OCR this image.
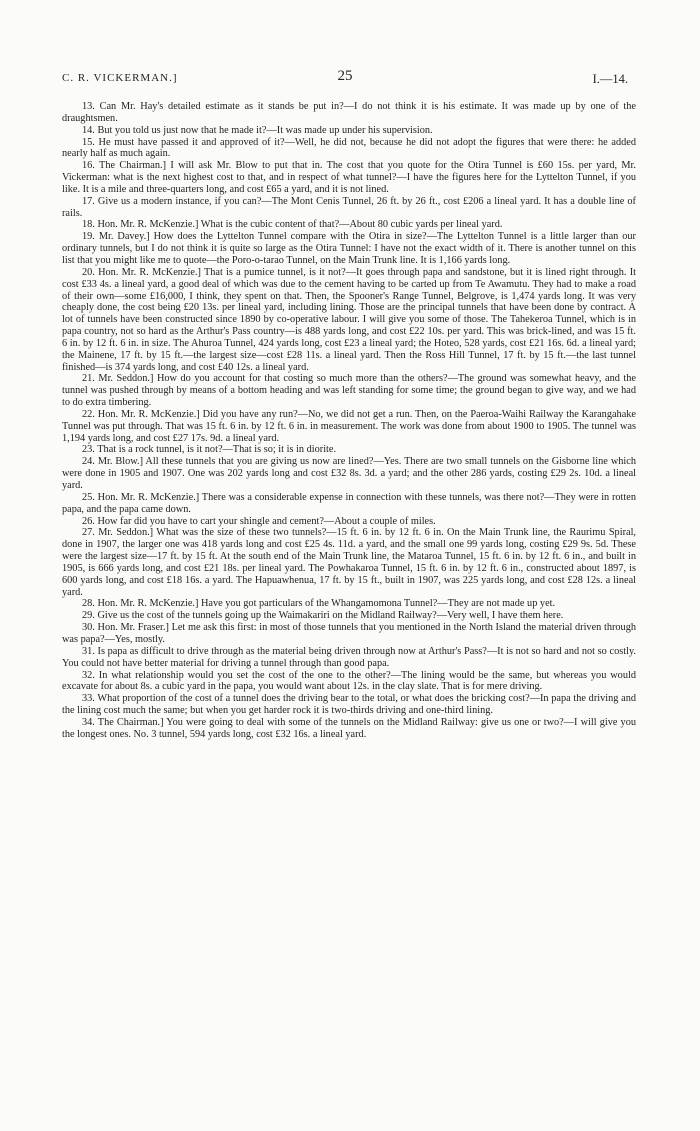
C. R. VICKERMAN.]	25	I.—14.

13. Can Mr. Hay's detailed estimate as it stands be put in?—I do not think it is his estimate. It was made up by one of the draughtsmen.

14. But you told us just now that he made it?—It was made up under his supervision.

15. He must have passed it and approved of it?—Well, he did not, because he did not adopt the figures that were there: he added nearly half as much again.

16. The Chairman.] I will ask Mr. Blow to put that in. The cost that you quote for the Otira Tunnel is £60 15s. per yard, Mr. Vickerman: what is the next highest cost to that, and in respect of what tunnel?—I have the figures here for the Lyttelton Tunnel, if you like. It is a mile and three-quarters long, and cost £65 a yard, and it is not lined.

17. Give us a modern instance, if you can?—The Mont Cenis Tunnel, 26 ft. by 26 ft., cost £206 a lineal yard. It has a double line of rails.

18. Hon. Mr. R. McKenzie.] What is the cubic content of that?—About 80 cubic yards per lineal yard.

19. Mr. Davey.] How does the Lyttelton Tunnel compare with the Otira in size?—The Lyttelton Tunnel is a little larger than our ordinary tunnels, but I do not think it is quite so large as the Otira Tunnel: I have not the exact width of it. There is another tunnel on this list that you might like me to quote—the Poro-o-tarao Tunnel, on the Main Trunk line. It is 1,166 yards long.

20. Hon. Mr. R. McKenzie.] That is a pumice tunnel, is it not?—It goes through papa and sandstone, but it is lined right through. It cost £33 4s. a lineal yard, a good deal of which was due to the cement having to be carted up from Te Awamutu. They had to make a road of their own—some £16,000, I think, they spent on that. Then, the Spooner's Range Tunnel, Belgrove, is 1,474 yards long. It was very cheaply done, the cost being £20 13s. per lineal yard, including lining. Those are the principal tunnels that have been done by contract. A lot of tunnels have been constructed since 1890 by co-operative labour. I will give you some of those. The Tahekeroa Tunnel, which is in papa country, not so hard as the Arthur's Pass country—is 488 yards long, and cost £22 10s. per yard. This was brick-lined, and was 15 ft. 6 in. by 12 ft. 6 in. in size. The Ahuroa Tunnel, 424 yards long, cost £23 a lineal yard; the Hoteo, 528 yards, cost £21 16s. 6d. a lineal yard; the Mainene, 17 ft. by 15 ft.—the largest size—cost £28 11s. a lineal yard. Then the Ross Hill Tunnel, 17 ft. by 15 ft.—the last tunnel finished—is 374 yards long, and cost £40 12s. a lineal yard.

21. Mr. Seddon.] How do you account for that costing so much more than the others?—The ground was somewhat heavy, and the tunnel was pushed through by means of a bottom heading and was left standing for some time; the ground began to give way, and we had to do extra timbering.

22. Hon. Mr. R. McKenzie.] Did you have any run?—No, we did not get a run. Then, on the Paeroa-Waihi Railway the Karangahake Tunnel was put through. That was 15 ft. 6 in. by 12 ft. 6 in. in measurement. The work was done from about 1900 to 1905. The tunnel was 1,194 yards long, and cost £27 17s. 9d. a lineal yard.

23. That is a rock tunnel, is it not?—That is so; it is in diorite.

24. Mr. Blow.] All these tunnels that you are giving us now are lined?—Yes. There are two small tunnels on the Gisborne line which were done in 1905 and 1907. One was 202 yards long and cost £32 8s. 3d. a yard; and the other 286 yards, costing £29 2s. 10d. a lineal yard.

25. Hon. Mr. R. McKenzie.] There was a considerable expense in connection with these tunnels, was there not?—They were in rotten papa, and the papa came down.

26. How far did you have to cart your shingle and cement?—About a couple of miles.

27. Mr. Seddon.] What was the size of these two tunnels?—15 ft. 6 in. by 12 ft. 6 in. On the Main Trunk line, the Raurimu Spiral, done in 1907, the larger one was 418 yards long and cost £25 4s. 11d. a yard, and the small one 99 yards long, costing £29 9s. 5d. These were the largest size—17 ft. by 15 ft. At the south end of the Main Trunk line, the Mataroa Tunnel, 15 ft. 6 in. by 12 ft. 6 in., and built in 1905, is 666 yards long, and cost £21 18s. per lineal yard. The Powhakaroa Tunnel, 15 ft. 6 in. by 12 ft. 6 in., constructed about 1897, is 600 yards long, and cost £18 16s. a yard. The Hapuawhenua, 17 ft. by 15 ft., built in 1907, was 225 yards long, and cost £28 12s. a lineal yard.

28. Hon. Mr. R. McKenzie.] Have you got particulars of the Whangamomona Tunnel?—They are not made up yet.

29. Give us the cost of the tunnels going up the Waimakariri on the Midland Railway?—Very well, I have them here.

30. Hon. Mr. Fraser.] Let me ask this first: in most of those tunnels that you mentioned in the North Island the material driven through was papa?—Yes, mostly.

31. Is papa as difficult to drive through as the material being driven through now at Arthur's Pass?—It is not so hard and not so costly. You could not have better material for driving a tunnel through than good papa.

32. In what relationship would you set the cost of the one to the other?—The lining would be the same, but whereas you would excavate for about 8s. a cubic yard in the papa, you would want about 12s. in the clay slate. That is for mere driving.

33. What proportion of the cost of a tunnel does the driving bear to the total, or what does the bricking cost?—In papa the driving and the lining cost much the same; but when you get harder rock it is two-thirds driving and one-third lining.

34. The Chairman.] You were going to deal with some of the tunnels on the Midland Railway: give us one or two?—I will give you the longest ones. No. 3 tunnel, 594 yards long, cost £32 16s. a lineal yard.
